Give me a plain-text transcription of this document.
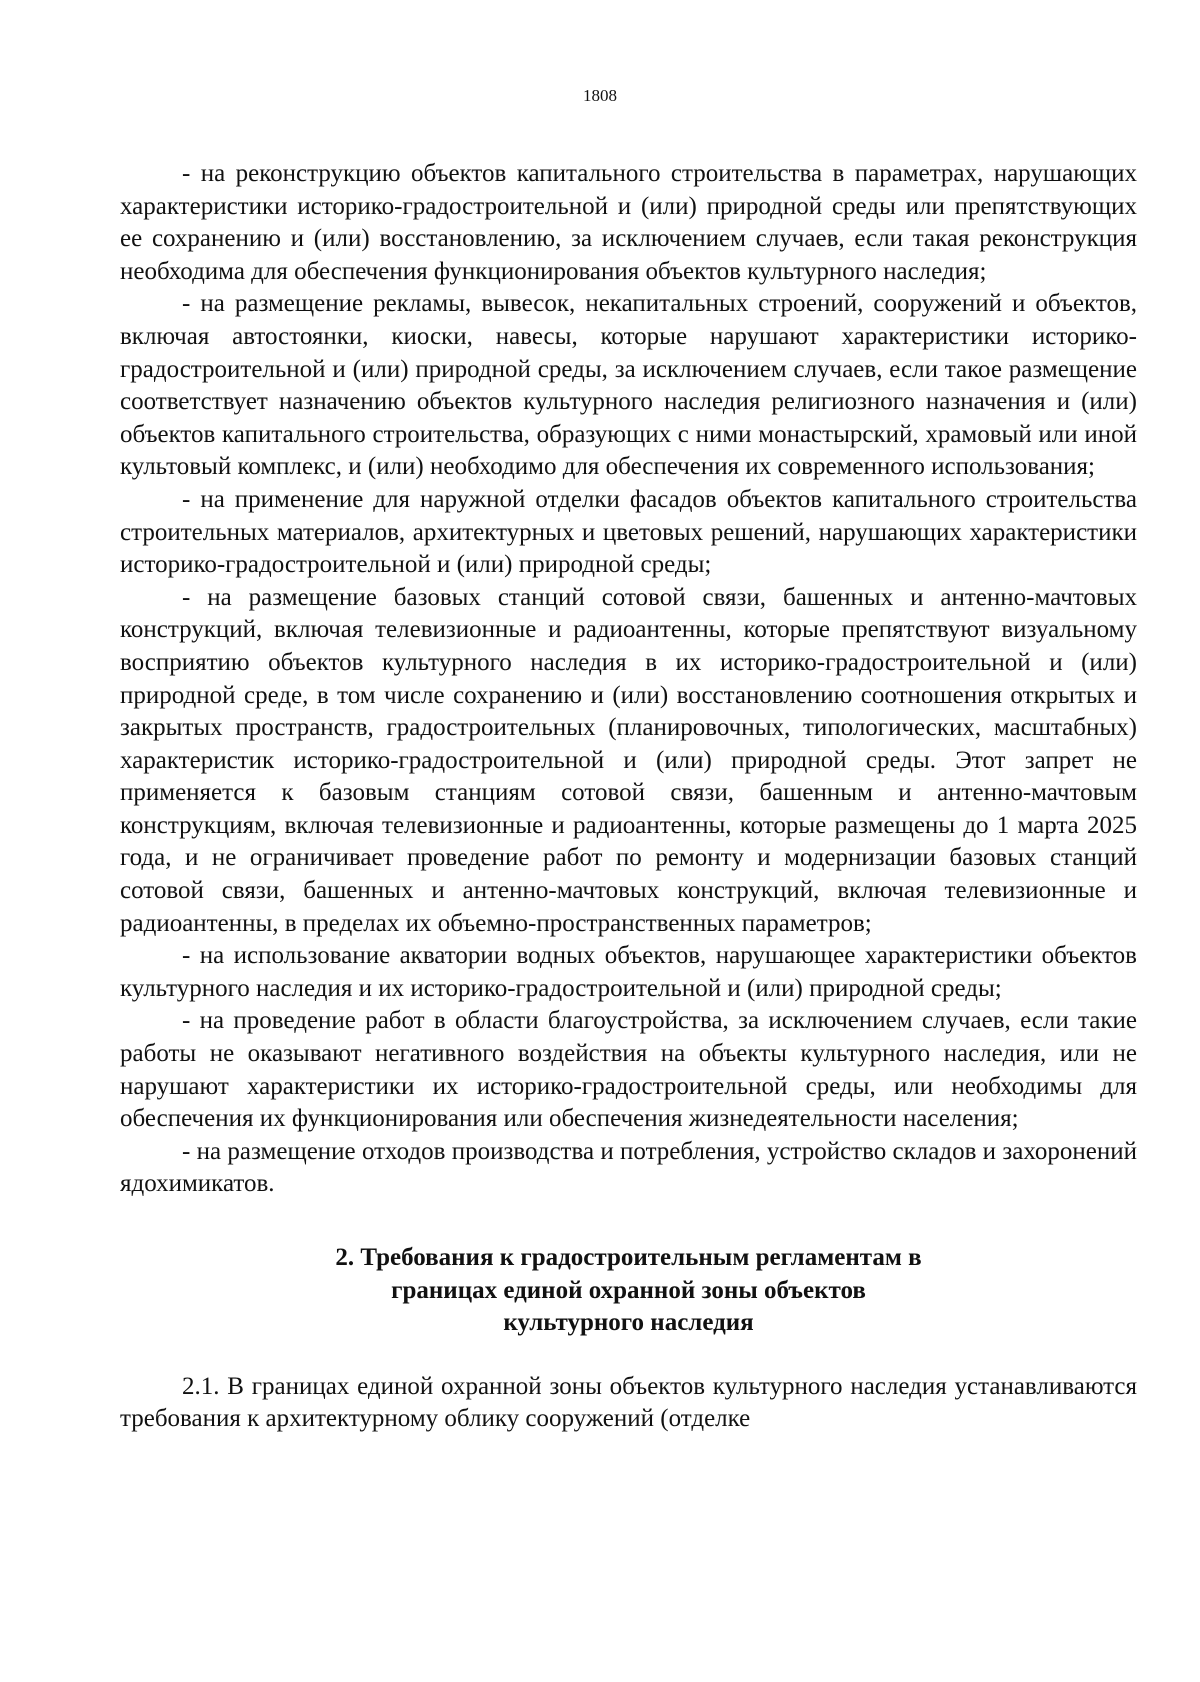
1808

- на реконструкцию объектов капитального строительства в параметрах, нарушающих характеристики историко-градостроительной и (или) природной среды или препятствующих ее сохранению и (или) восстановлению, за исключением случаев, если такая реконструкция необходима для обеспечения функционирования объектов культурного наследия;

- на размещение рекламы, вывесок, некапитальных строений, сооружений и объектов, включая автостоянки, киоски, навесы, которые нарушают характеристики историко-градостроительной и (или) природной среды, за исключением случаев, если такое размещение соответствует назначению объектов культурного наследия религиозного назначения и (или) объектов капитального строительства, образующих с ними монастырский, храмовый или иной культовый комплекс, и (или) необходимо для обеспечения их современного использования;

- на применение для наружной отделки фасадов объектов капитального строительства строительных материалов, архитектурных и цветовых решений, нарушающих характеристики историко-градостроительной и (или) природной среды;

- на размещение базовых станций сотовой связи, башенных и антенно-мачтовых конструкций, включая телевизионные и радиоантенны, которые препятствуют визуальному восприятию объектов культурного наследия в их историко-градостроительной и (или) природной среде, в том числе сохранению и (или) восстановлению соотношения открытых и закрытых пространств, градостроительных (планировочных, типологических, масштабных) характеристик историко-градостроительной и (или) природной среды. Этот запрет не применяется к базовым станциям сотовой связи, башенным и антенно-мачтовым конструкциям, включая телевизионные и радиоантенны, которые размещены до 1 марта 2025 года, и не ограничивает проведение работ по ремонту и модернизации базовых станций сотовой связи, башенных и антенно-мачтовых конструкций, включая телевизионные и радиоантенны, в пределах их объемно-пространственных параметров;

- на использование акватории водных объектов, нарушающее характеристики объектов культурного наследия и их историко-градостроительной и (или) природной среды;

- на проведение работ в области благоустройства, за исключением случаев, если такие работы не оказывают негативного воздействия на объекты культурного наследия, или не нарушают характеристики их историко-градостроительной среды, или необходимы для обеспечения их функционирования или обеспечения жизнедеятельности населения;

- на размещение отходов производства и потребления, устройство складов и захоронений ядохимикатов.

2. Требования к градостроительным регламентам в
границах единой охранной зоны объектов
культурного наследия

2.1. В границах единой охранной зоны объектов культурного наследия устанавливаются требования к архитектурному облику сооружений (отделке
